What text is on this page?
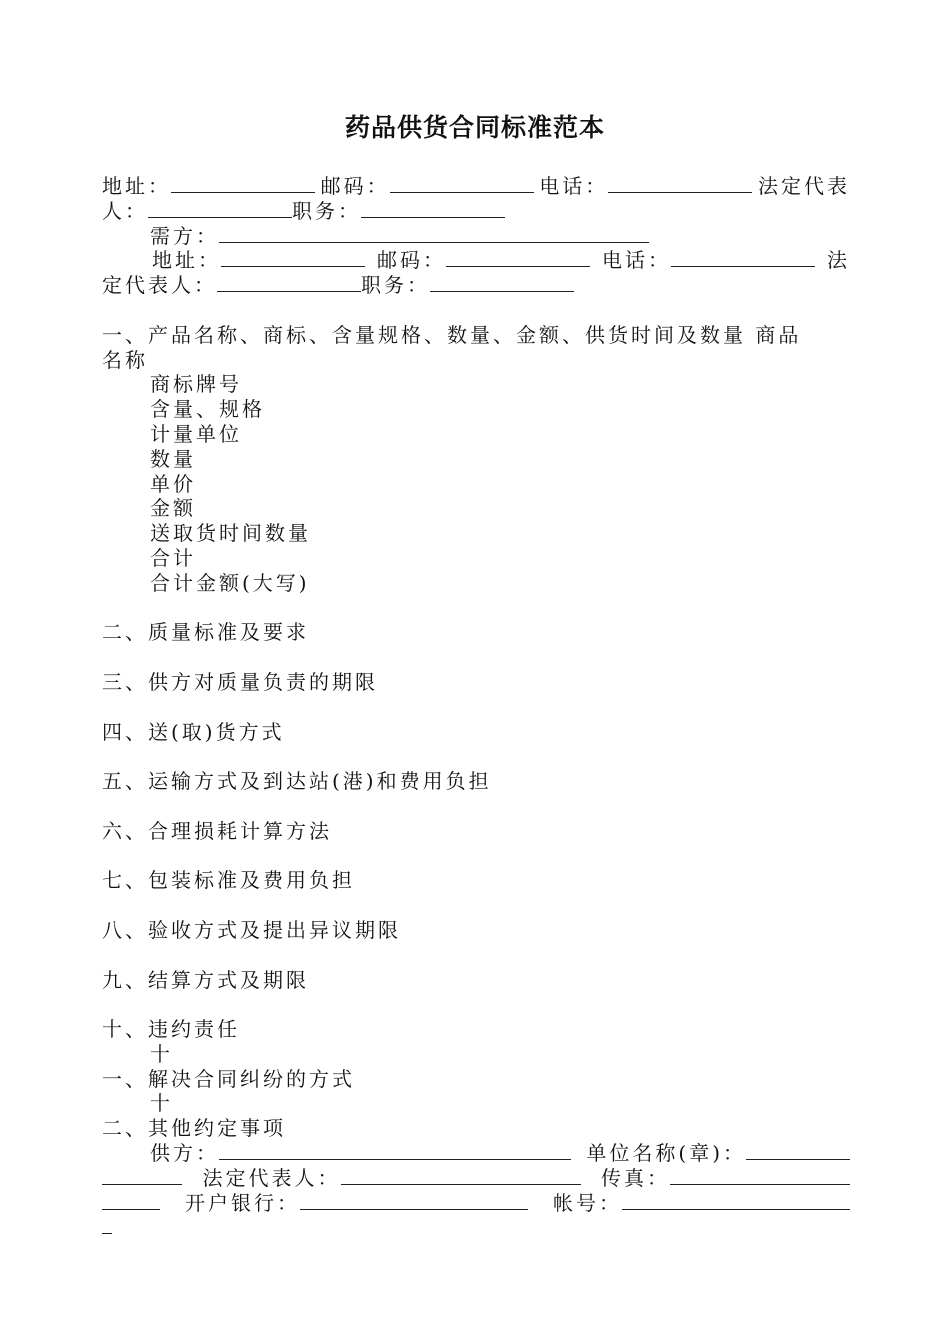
药品供货合同标准范本
地址：	邮码：	电话：	法定代表
人：	职务：
需方：
地址：	邮码：	电话：	法
定代表人：	职务：
一、产品名称、商标、含量规格、数量、金额、供货时间及数量 商品
名称
商标牌号
含量、规格
计量单位
数量
单价
金额
送取货时间数量
合计
合计金额(大写)
二、质量标准及要求
三、供方对质量负责的期限
四、送(取)货方式
五、运输方式及到达站(港)和费用负担
六、合理损耗计算方法
七、包装标准及费用负担
八、验收方式及提出异议期限
九、结算方式及期限
十、违约责任
十
一、解决合同纠纷的方式
十
二、其他约定事项
供方：	单位名称(章)：
法定代表人：	传真：
开户银行：	帐号：
